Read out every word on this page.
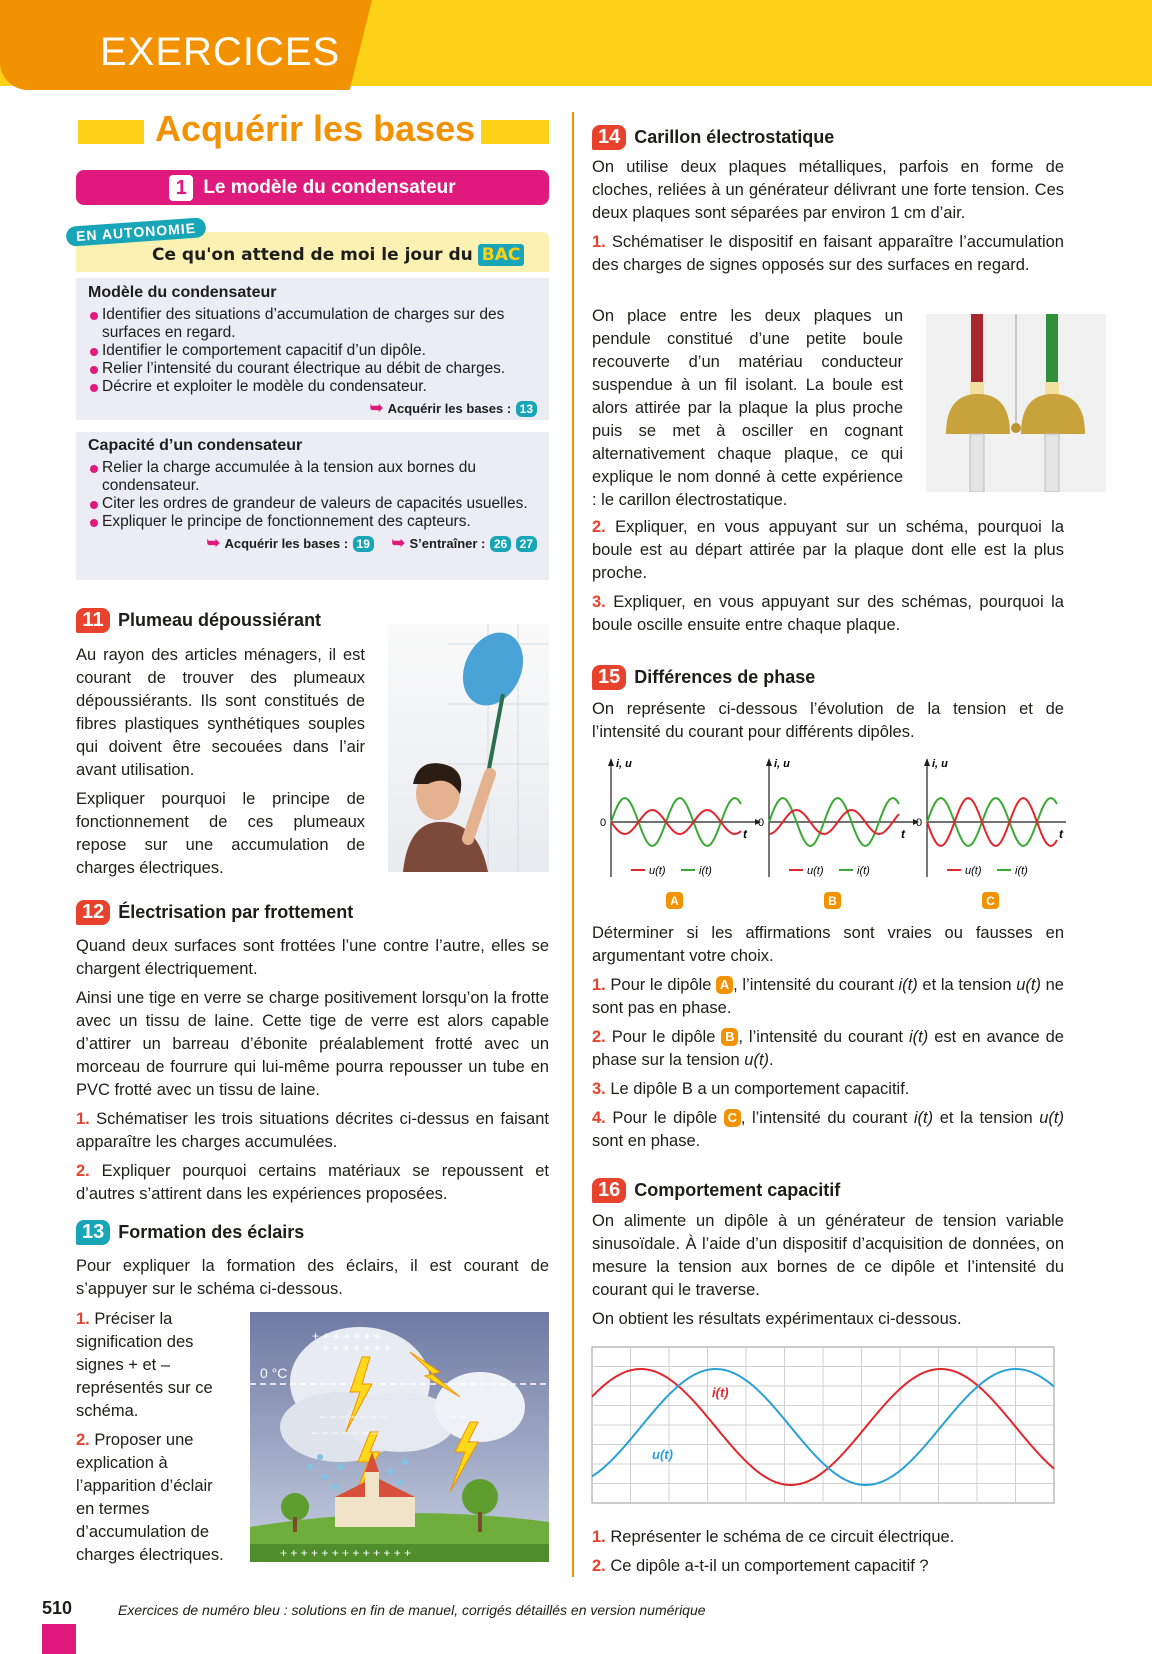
EXERCICES
Acquérir les bases
1 Le modèle du condensateur
EN AUTONOMIE
Ce qu'on attend de moi le jour du BAC
Modèle du condensateur

Identifier des situations d’accumulation de charges sur des surfaces en regard.

Identifier le comportement capacitif d’un dipôle.

Relier l’intensité du courant électrique au débit de charges.

Décrire et exploiter le modèle du condensateur.

➥ Acquérir les bases : 13
Capacité d’un condensateur

Relier la charge accumulée à la tension aux bornes du condensateur.

Citer les ordres de grandeur de valeurs de capacités usuelles.

Expliquer le principe de fonctionnement des capteurs.

➥ Acquérir les bases : 19 ➥ S’entraîner : 26 27
11 Plumeau dépoussiérant

Au rayon des articles ménagers, il est courant de trouver des plumeaux dépoussiérants. Ils sont constitués de fibres plastiques synthétiques souples qui doivent être secouées dans l’air avant utilisation.

Expliquer pourquoi le principe de fonctionnement de ces plumeaux repose sur une accumulation de charges électriques.

12 Électrisation par frottement

Quand deux surfaces sont frottées l’une contre l’autre, elles se chargent électriquement.

Ainsi une tige en verre se charge positivement lorsqu’on la frotte avec un tissu de laine. Cette tige de verre est alors capable d’attirer un barreau d’ébonite préalablement frotté avec un morceau de fourrure qui lui-même pourra repousser un tube en PVC frotté avec un tissu de laine.

1. Schématiser les trois situations décrites ci-dessus en faisant apparaître les charges accumulées.

2. Expliquer pourquoi certains matériaux se repoussent et d’autres s’attirent dans les expériences proposées.

13 Formation des éclairs

Pour expliquer la formation des éclairs, il est courant de s’appuyer sur le schéma ci-dessous.

1. Préciser la signification des signes + et – représentés sur ce schéma.

2. Proposer une explication à l’apparition d’éclair en termes d’accumulation de charges électriques.

0 °C
+ + + + + + +
+ + + + + + +
– – – – – – –
– – – – – – –
– –
+ + + + + + + + + + + + +
14 Carillon électrostatique

On utilise deux plaques métalliques, parfois en forme de cloches, reliées à un générateur délivrant une forte tension. Ces deux plaques sont séparées par environ 1 cm d’air.

1. Schématiser le dispositif en faisant apparaître l’accumulation des charges de signes opposés sur des surfaces en regard.

On place entre les deux plaques un pendule constitué d’une petite boule recouverte d’un matériau conducteur suspendue à un fil isolant. La boule est alors attirée par la plaque la plus proche puis se met à osciller en cognant alternativement chaque plaque, ce qui explique le nom donné à cette expérience : le carillon électrostatique.

2. Expliquer, en vous appuyant sur un schéma, pourquoi la boule est au départ attirée par la plaque dont elle est la plus proche.

3. Expliquer, en vous appuyant sur des schémas, pourquoi la boule oscille ensuite entre chaque plaque.

15 Différences de phase

On représente ci-dessous l’évolution de la tension et de l’intensité du courant pour différents dipôles.

i, u
t
0
u(t)	i(t)
A
i, u
t
0
u(t)	i(t)
B
i, u
t
0
u(t)	i(t)
C

Déterminer si les affirmations sont vraies ou fausses en argumentant votre choix.

1. Pour le dipôle A , l’intensité du courant i(t) et la tension u(t) ne sont pas en phase.

2. Pour le dipôle B , l’intensité du courant i(t) est en avance de phase sur la tension u(t).

3. Le dipôle B a un comportement capacitif.

4. Pour le dipôle C , l’intensité du courant i(t) et la tension u(t) sont en phase.

16 Comportement capacitif

On alimente un dipôle à un générateur de tension variable sinusoïdale. À l’aide d’un dispositif d’acquisition de données, on mesure la tension aux bornes de ce dipôle et l’intensité du courant qui le traverse.

On obtient les résultats expérimentaux ci-dessous.

i(t)
u(t)

1. Représenter le schéma de ce circuit électrique.

2. Ce dipôle a-t-il un comportement capacitif ?

510	Exercices de numéro bleu : solutions en fin de manuel, corrigés détaillés en version numérique
